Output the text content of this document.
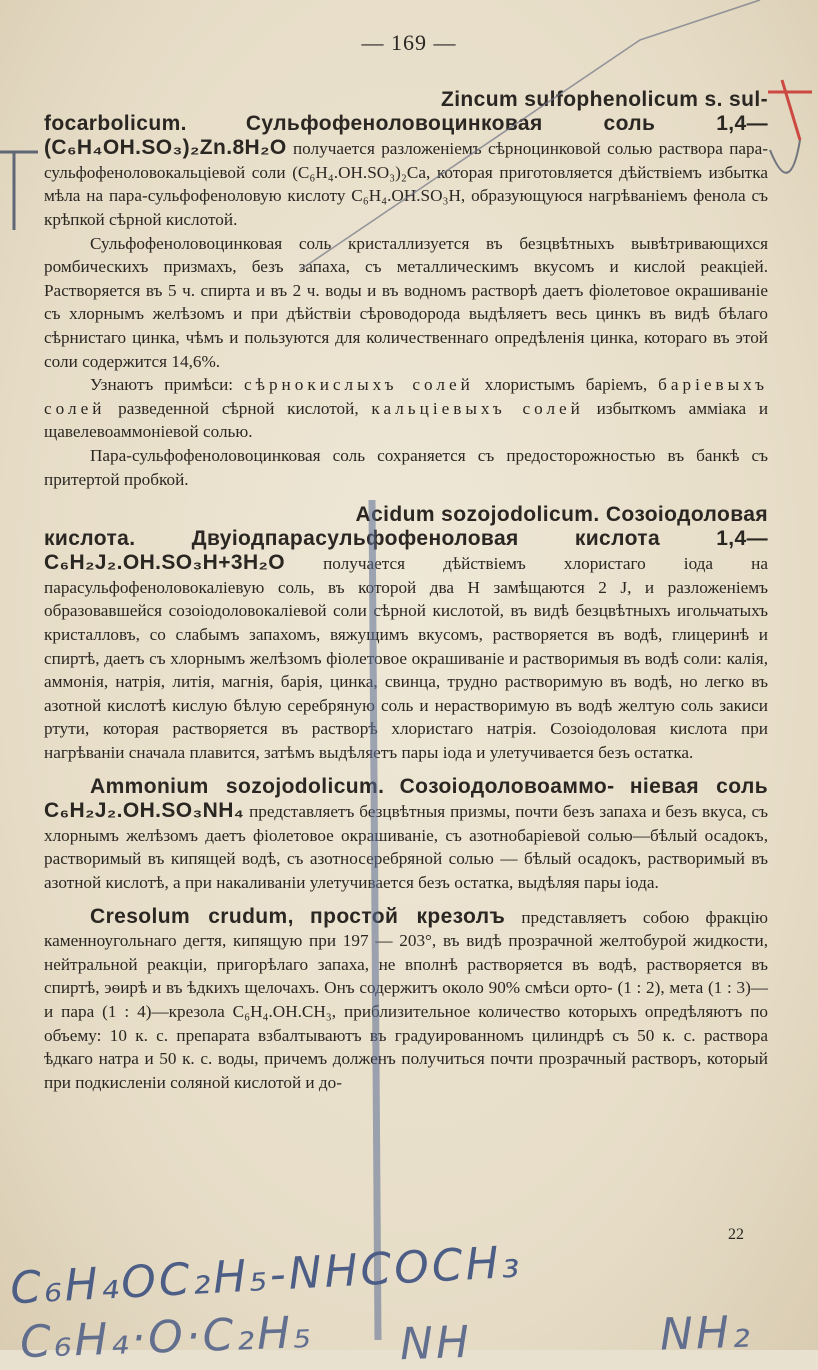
— 169 —
Zincum sulfophenolicum s. sul-

focarbolicum.	Сульфофеноловоцинковая соль 1,4— (C₆H₄OH.SO₃)₂Zn.8H₂O получается разложенiемъ сѣрноцинковой солью раствора пара-сульфофеноловокальцiевой соли (C₆H₄.OH.SO₃)₂Ca, которая приготовляется дѣйствiемъ избытка мѣла на пара-сульфофеноловую кислоту C₆H₄.OH.SO₃H, образующуюся нагрѣванiемъ фенола съ крѣпкой сѣрной кислотой.

Сульфофеноловоцинковая соль кристаллизуется въ безцвѣтныхъ вывѣтривающихся ромбическихъ призмахъ, безъ запаха, съ металлическимъ вкусомъ и кислой реакцiей. Растворяется въ 5 ч. спирта и въ 2 ч. воды и въ водномъ растворѣ даетъ фiолетовое окрашиванiе съ хлорнымъ желѣзомъ и при дѣйствiи сѣроводорода выдѣляетъ весь цинкъ въ видѣ бѣлаго сѣрнистаго цинка, чѣмъ и пользуются для количественнаго опредѣленiя цинка, котораго въ этой соли содержится 14,6%.

Узнаютъ примѣси: сѣрнокислыхъ солей хлористымъ барiемъ, барiевыхъ солей разведенной сѣрной кислотой, кальцiевыхъ солей избыткомъ аммiака и щавелевоаммонiевой солью.

Пара-сульфофеноловоцинковая соль сохраняется съ предосторожностью въ банкѣ съ притертой пробкой.

Acidum sozojodolicum. Созоiодоловая

кислота. Двуiодпарасульфофеноловая кислота 1,4— C₆H₂J₂.OH.SO₃H+3H₂O получается дѣйствiемъ хлористаго iода на парасульфофеноловокалiевую соль, въ которой два H замѣщаются 2 J, и разложенiемъ образовавшейся созоiодоловокалiевой соли сѣрной кислотой, въ видѣ безцвѣтныхъ игольчатыхъ кристалловъ, со слабымъ запахомъ, вяжущимъ вкусомъ, растворяется въ водѣ, глицеринѣ и спиртѣ, даетъ съ хлорнымъ желѣзомъ фiолетовое окрашиванiе и растворимыя въ водѣ соли: калiя, аммонiя, натрiя, литiя, магнiя, барiя, цинка, свинца, трудно растворимую въ водѣ, но легко въ азотной кислотѣ кислую бѣлую серебряную соль и нерастворимую въ водѣ желтую соль закиси ртути, которая растворяется въ растворѣ хлористаго натрiя. Созоiодоловая кислота при нагрѣванiи сначала плавится, затѣмъ выдѣляетъ пары iода и улетучивается безъ остатка.

Ammonium sozojodolicum. Созоiодоловоаммо- нiевая соль C₆H₂J₂.OH.SO₃NH₄ представляетъ безцвѣтныя призмы, почти безъ запаха и безъ вкуса, съ хлорнымъ желѣзомъ даетъ фiолетовое окрашиванiе, съ азотнобарiевой солью—бѣлый осадокъ, растворимый въ кипящей водѣ, съ азотносеребряной солью — бѣлый осадокъ, растворимый въ азотной кислотѣ, а при накаливанiи улетучивается безъ остатка, выдѣляя пары iода.

Cresolum crudum, простой крезолъ представляетъ собою фракцiю каменноугольнаго дегтя, кипящую при 197 — 203°, въ видѣ прозрачной желтобурой жидкости, нейтральной реакцiи, пригорѣлаго запаха, не вполнѣ растворяется въ водѣ, растворяется въ спиртѣ, эѳирѣ и въ ѣдкихъ щелочахъ. Онъ содержитъ около 90% смѣси орто- (1 : 2), мета (1 : 3)—и пара (1 : 4)—крезола C₆H₄.OH.CH₃, приблизительное количество которыхъ опредѣляютъ по объему: 10 к. с. препарата взбалтываютъ въ градуированномъ цилиндрѣ съ 50 к. с. раствора ѣдкаго натра и 50 к. с. воды, причемъ долженъ получиться почти прозрачный растворъ, который при подкисленiи соляной кислотой и до-

22
C₆H₄OC₂H₅-NHCOCH₃
C₆H₄·O·C₂H₅ NH	NH₂
